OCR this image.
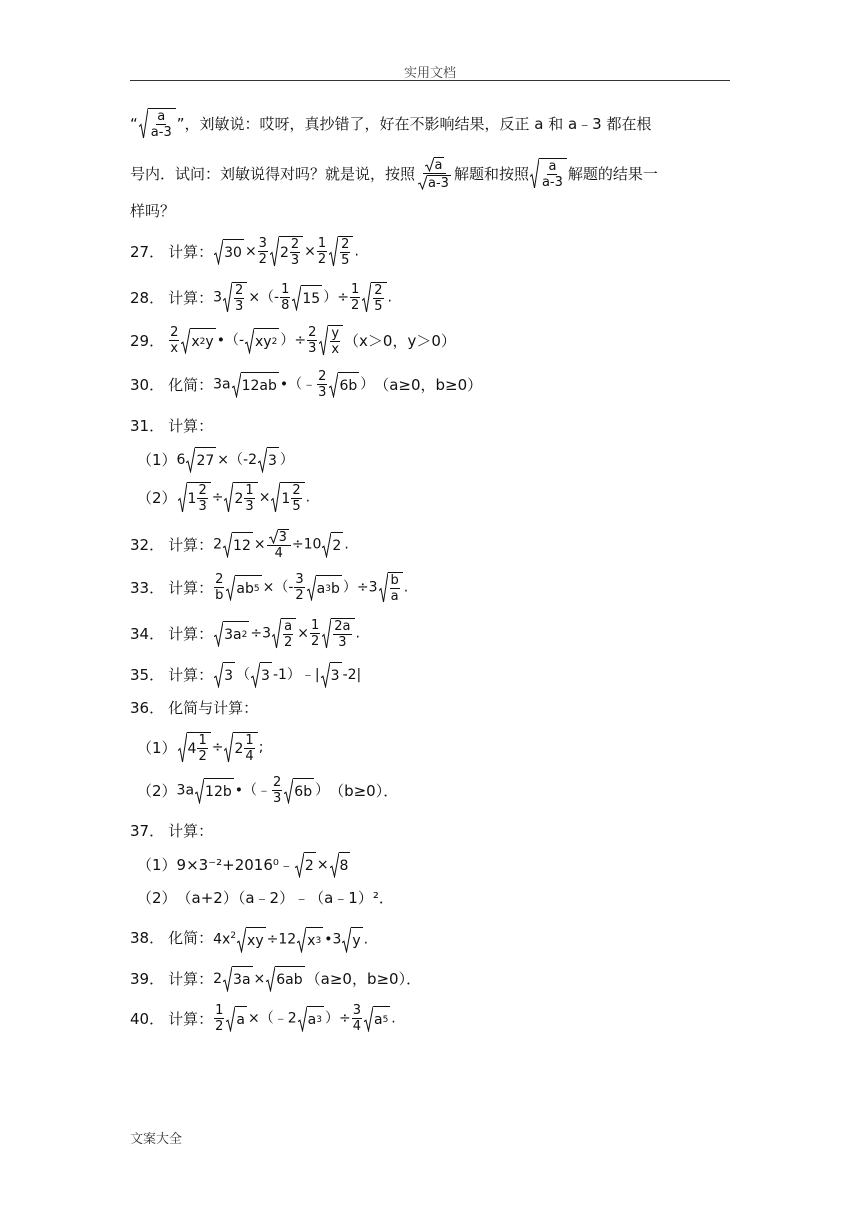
实用文档
“ $\frac{a}{a-3}$ ”，刘敏说：哎呀，真抄错了，好在不影响结果，反正 a 和 a﹣3 都在根
号内．试问：刘敏说得对吗？就是说，按照 $\frac{a}{a-3}$ 解题和按照 $\frac{a}{a-3}$ 解题的结果一
样吗？
27． 计算： $30 \times \frac{3}{2} 2 \frac{2}{3} \times \frac{1}{2} \frac{2}{5}$ .
28． 计算： $3 \frac{2}{3}$ ×（- $\frac{1}{8} 15$ ）÷ $\frac{1}{2} \frac{2}{5}$ .
29． $\frac{2}{x}$ x 2 y •（- xy 2 ）÷ $\frac{2}{3} \frac{y}{x} (x>0$，y＞0）
30． 化简： 3a 12ab •（﹣ $\frac{2}{3} 6b$ ） （a≥0，b≥0）
31． 计算：
（1） 6 27 ×（-2 3 ）
（2） $1 \frac{2}{3} \div 2 \frac{1}{3} \times 1 \frac{2}{5}$ .
32． 计算： 2 $12 \times \frac{3}{4} \div 10$ 2 .
33． 计算： $\frac{2}{b}$ ab 5 ×（- $\frac{3}{2}$ a 3 b ）$\div 3 \frac{b}{a}$ .
34． 计算： 3a $2 \div 3 \frac{a}{2} \times \frac{1}{2} \frac{2a}{3}$ .
35． 计算： 3 （ 3 -1）﹣| 3 -2|
36． 化简与计算：
（1） $4 \frac{1}{2} \div 2 \frac{1}{4}$ ;
（2） 3a 12b •（﹣ $\frac{2}{3} 6b$ ） （b≥0）．
37． 计算：
（1） 9×3⁻²+2016⁰﹣ 2 × 8
（2） （a+2）（a﹣2）﹣（a﹣1）²．
38． 化简： $4x^2$ xy ÷12 x 3 •3 y .
39． 计算： 2 3a × 6ab （a≥0，b≥0）．
40． 计算： $\frac{1}{2}$ a ×（﹣2 a 3 ）÷ $\frac{3}{4}$ a 5 .
文案大全
